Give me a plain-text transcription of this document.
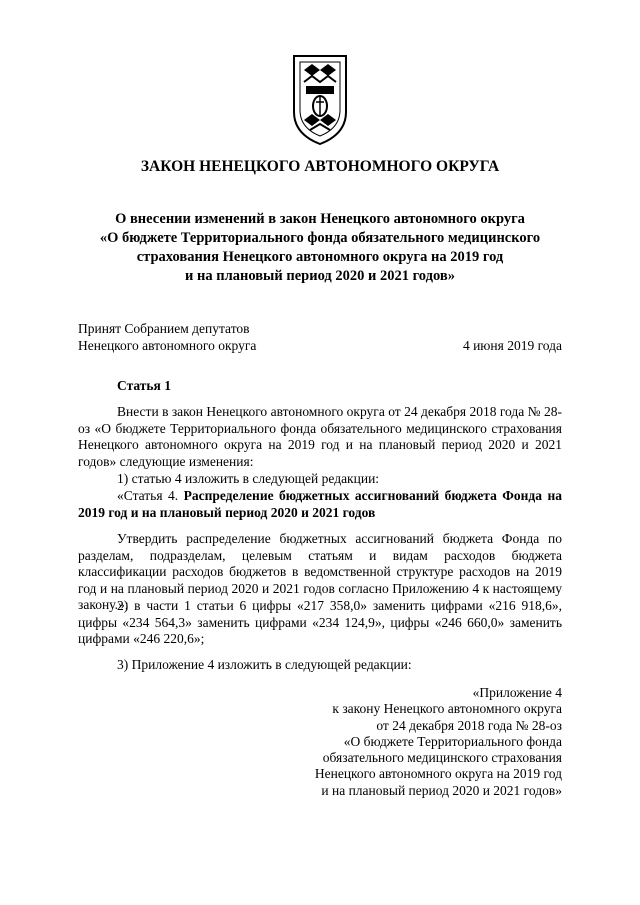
ЗАКОН НЕНЕЦКОГО АВТОНОМНОГО ОКРУГА
О внесении изменений в закон Ненецкого автономного округа
«О бюджете Территориального фонда обязательного медицинского
страхования Ненецкого автономного округа на 2019 год
и на плановый период 2020 и 2021 годов»
Принят Собранием депутатов
Ненецкого автономного округа	4 июня 2019 года
Статья 1
Внести в закон Ненецкого автономного округа от 24 декабря 2018 года № 28-оз «О бюджете Территориального фонда обязательного медицинского страхования Ненецкого автономного округа на 2019 год и на плановый период 2020 и 2021 годов» следующие изменения:
1) статью 4 изложить в следующей редакции:
«Статья 4. Распределение бюджетных ассигнований бюджета Фонда на 2019 год и на плановый период 2020 и 2021 годов
Утвердить распределение бюджетных ассигнований бюджета Фонда по разделам, подразделам, целевым статьям и видам расходов бюджета классификации расходов бюджетов в ведомственной структуре расходов на 2019 год и на плановый период 2020 и 2021 годов согласно Приложению 4 к настоящему закону.»;
2) в части 1 статьи 6 цифры «217 358,0» заменить цифрами «216 918,6», цифры «234 564,3» заменить цифрами «234 124,9», цифры «246 660,0» заменить цифрами «246 220,6»;
3) Приложение 4 изложить в следующей редакции:
«Приложение 4
к закону Ненецкого автономного округа
от 24 декабря 2018 года № 28-оз
«О бюджете Территориального фонда
обязательного медицинского страхования
Ненецкого автономного округа на 2019 год
и на плановый период 2020 и 2021 годов»
